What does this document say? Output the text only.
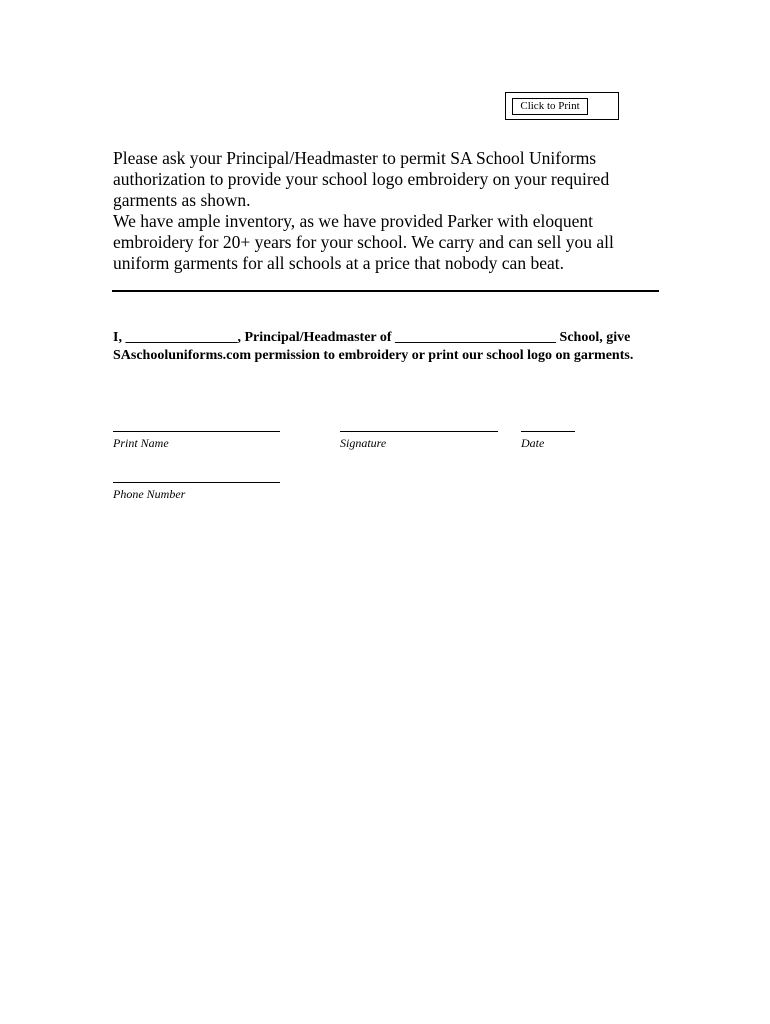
Click to Print

Please ask your Principal/Headmaster to permit SA School Uniforms authorization to provide your school logo embroidery on your required garments as shown.

We have ample inventory, as we have provided Parker with eloquent embroidery for 20+ years for your school. We carry and can sell you all uniform garments for all schools at a price that nobody can beat.

I, ________________, Principal/Headmaster of _______________________ School, give SAschooluniforms.com permission to embroidery or print our school logo on garments.

Print Name	Signature	Date
Phone Number
